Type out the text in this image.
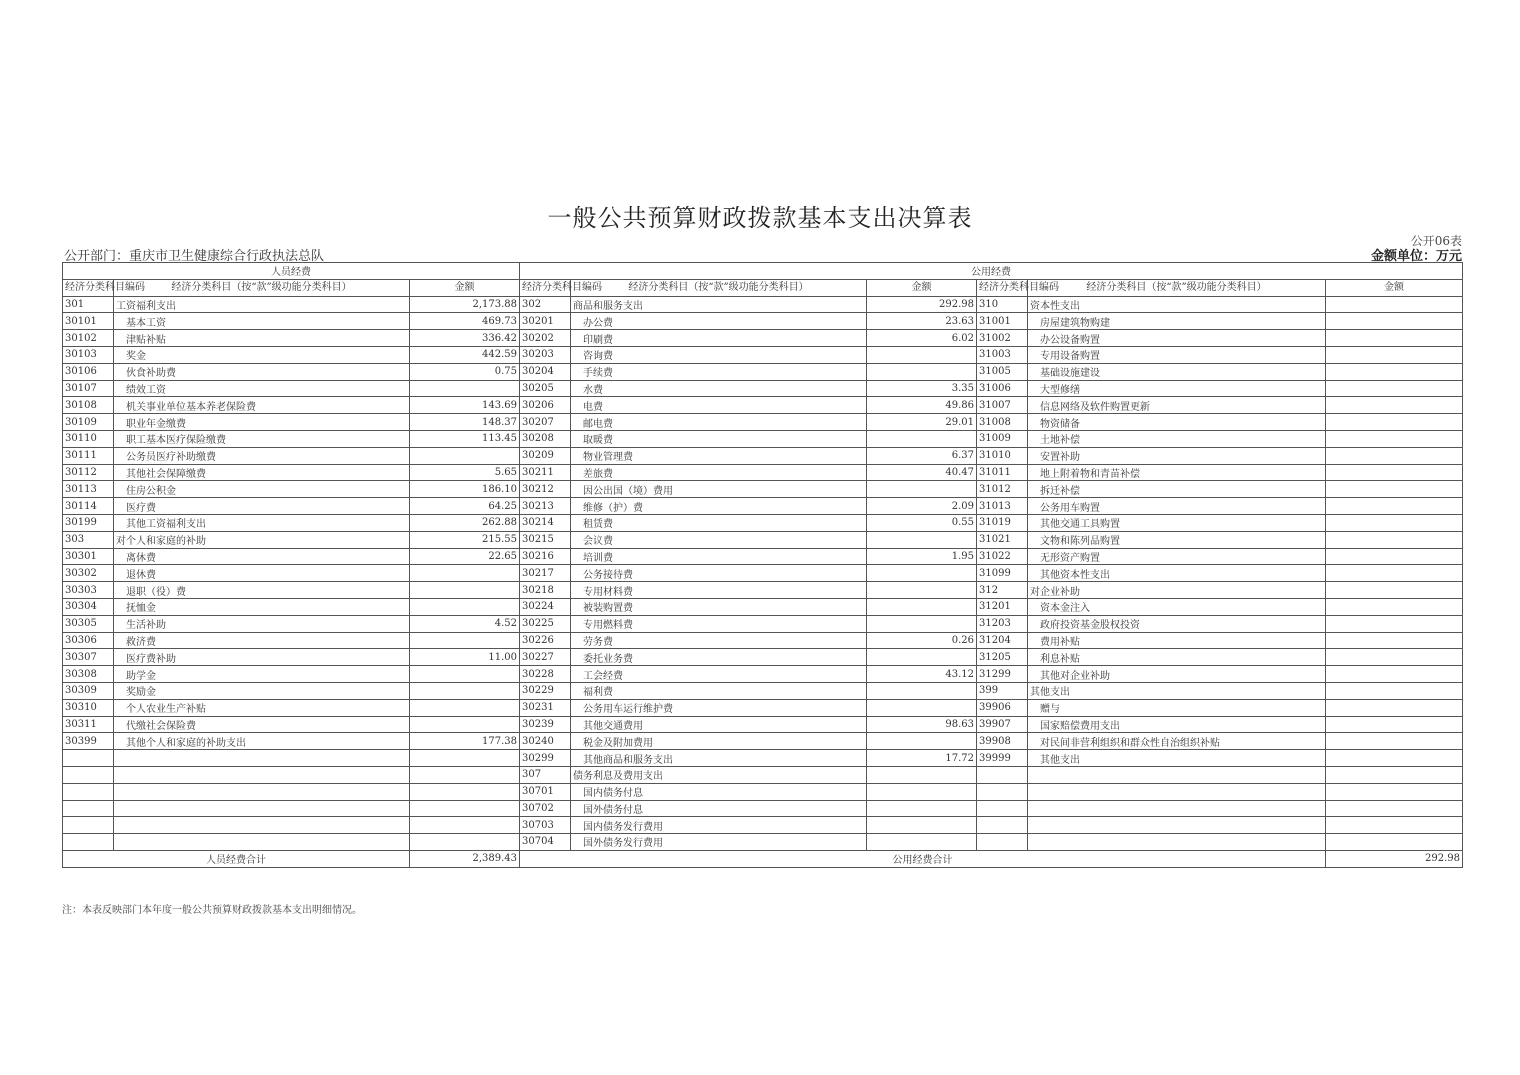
一般公共预算财政拨款基本支出决算表
公开06表
公开部门：重庆市卫生健康综合行政执法总队	金额单位：万元
人员经费			公用经费					
经济分类科目编码	经济分类科目（按“款”级功能分类科目）	金额	经济分类科目编码	经济分类科目（按“款”级功能分类科目）	金额	经济分类科目编码	经济分类科目（按“款”级功能分类科目）	金额
301	工资福利支出	2,173.88	302	商品和服务支出	292.98	310	资本性支出	
30101	基本工资	469.73	30201	办公费	23.63	31001	房屋建筑物购建	
30102	津贴补贴	336.42	30202	印刷费	6.02	31002	办公设备购置	
30103	奖金	442.59	30203	咨询费		31003	专用设备购置	
30106	伙食补助费	0.75	30204	手续费		31005	基础设施建设	
30107	绩效工资		30205	水费	3.35	31006	大型修缮	
30108	机关事业单位基本养老保险费	143.69	30206	电费	49.86	31007	信息网络及软件购置更新	
30109	职业年金缴费	148.37	30207	邮电费	29.01	31008	物资储备	
30110	职工基本医疗保险缴费	113.45	30208	取暖费		31009	土地补偿	
30111	公务员医疗补助缴费		30209	物业管理费	6.37	31010	安置补助	
30112	其他社会保障缴费	5.65	30211	差旅费	40.47	31011	地上附着物和青苗补偿	
30113	住房公积金	186.10	30212	因公出国（境）费用		31012	拆迁补偿	
30114	医疗费	64.25	30213	维修（护）费	2.09	31013	公务用车购置	
30199	其他工资福利支出	262.88	30214	租赁费	0.55	31019	其他交通工具购置	
303	对个人和家庭的补助	215.55	30215	会议费		31021	文物和陈列品购置	
30301	离休费	22.65	30216	培训费	1.95	31022	无形资产购置	
30302	退休费		30217	公务接待费		31099	其他资本性支出	
30303	退职（役）费		30218	专用材料费		312	对企业补助	
30304	抚恤金		30224	被装购置费		31201	资本金注入	
30305	生活补助	4.52	30225	专用燃料费		31203	政府投资基金股权投资	
30306	救济费		30226	劳务费	0.26	31204	费用补贴	
30307	医疗费补助	11.00	30227	委托业务费		31205	利息补贴	
30308	助学金		30228	工会经费	43.12	31299	其他对企业补助	
30309	奖励金		30229	福利费		399	其他支出	
30310	个人农业生产补贴		30231	公务用车运行维护费		39906	赠与	
30311	代缴社会保险费		30239	其他交通费用	98.63	39907	国家赔偿费用支出	
30399	其他个人和家庭的补助支出	177.38	30240	税金及附加费用		39908	对民间非营利组织和群众性自治组织补贴	
			30299	其他商品和服务支出	17.72	39999	其他支出	
			307	债务利息及费用支出				
			30701	国内债务付息				
			30702	国外债务付息				
			30703	国内债务发行费用				
			30704	国外债务发行费用				
人员经费合计		2,389.43	公用经费合计					292.98
注：本表反映部门本年度一般公共预算财政拨款基本支出明细情况。
